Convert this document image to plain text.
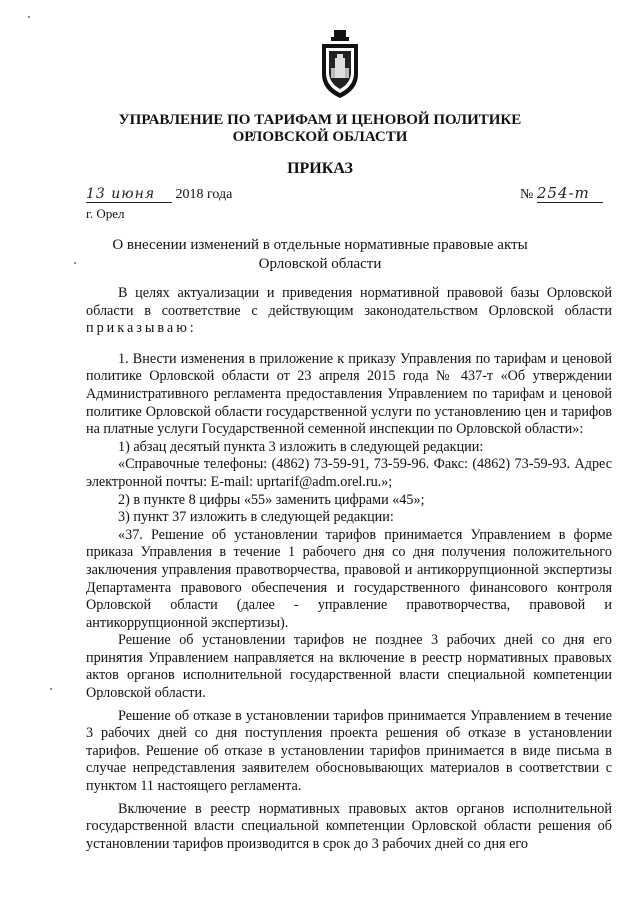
УПРАВЛЕНИЕ ПО ТАРИФАМ И ЦЕНОВОЙ ПОЛИТИКЕ
ОРЛОВСКОЙ ОБЛАСТИ
ПРИКАЗ
13 июня 2018 года	№ 254-т
г. Орел
О внесении изменений в отдельные нормативные правовые акты
Орловской области

В целях актуализации и приведения нормативной правовой базы Орловской области в соответствие с действующим законодательством Орловской области приказываю:

1. Внести изменения в приложение к приказу Управления по тарифам и ценовой политике Орловской области от 23 апреля 2015 года № 437-т «Об утверждении Административного регламента предоставления Управлением по тарифам и ценовой политике Орловской области государственной услуги по установлению цен и тарифов на платные услуги Государственной семенной инспекции по Орловской области»:

1) абзац десятый пункта 3 изложить в следующей редакции:

«Справочные телефоны: (4862) 73-59-91, 73-59-96. Факс: (4862) 73-59-93. Адрес электронной почты: E-mail: uprtarif@adm.orel.ru.»;

2) в пункте 8 цифры «55» заменить цифрами «45»;

3) пункт 37 изложить в следующей редакции:

«37. Решение об установлении тарифов принимается Управлением в форме приказа Управления в течение 1 рабочего дня со дня получения положительного заключения управления правотворчества, правовой и антикоррупционной экспертизы Департамента правового обеспечения и государственного финансового контроля Орловской области (далее - управление правотворчества, правовой и антикоррупционной экспертизы).

Решение об установлении тарифов не позднее 3 рабочих дней со дня его принятия Управлением направляется на включение в реестр нормативных правовых актов органов исполнительной государственной власти специальной компетенции Орловской области.

Решение об отказе в установлении тарифов принимается Управлением в течение 3 рабочих дней со дня поступления проекта решения об отказе в установлении тарифов. Решение об отказе в установлении тарифов принимается в виде письма в случае непредставления заявителем обосновывающих материалов в соответствии с пунктом 11 настоящего регламента.

Включение в реестр нормативных правовых актов органов исполнительной государственной власти специальной компетенции Орловской области решения об установлении тарифов производится в срок до 3 рабочих дней со дня его
